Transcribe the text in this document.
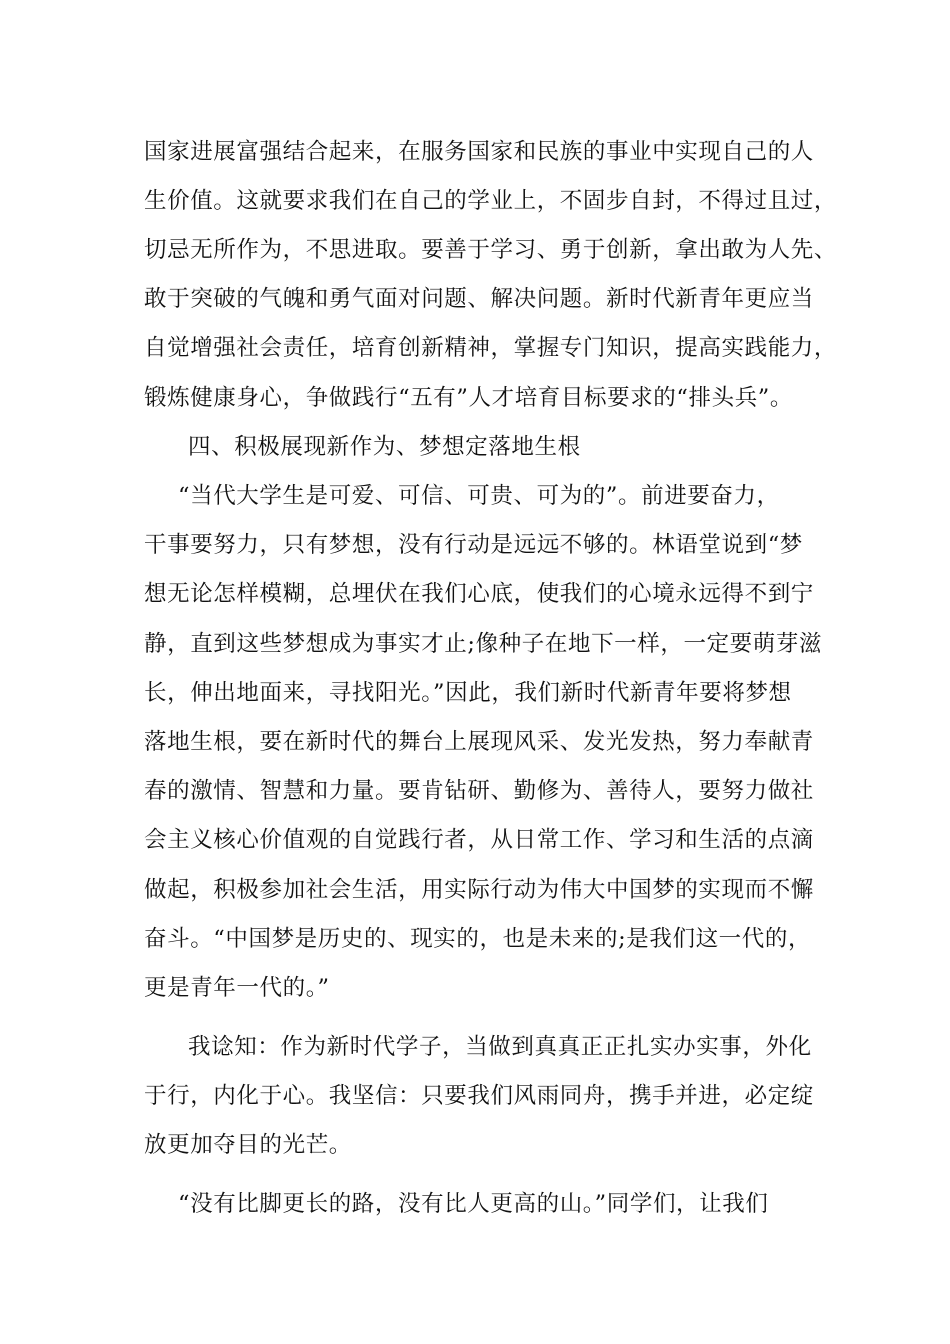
国家进展富强结合起来，在服务国家和民族的事业中实现自己的人
生价值。这就要求我们在自己的学业上，不固步自封，不得过且过，
切忌无所作为，不思进取。要善于学习、勇于创新，拿出敢为人先、
敢于突破的气魄和勇气面对问题、解决问题。新时代新青年更应当
自觉增强社会责任，培育创新精神，掌握专门知识，提高实践能力，
锻炼健康身心，争做践行“五有”人才培育目标要求的“排头兵”。
四、积极展现新作为、梦想定落地生根
“当代大学生是可爱、可信、可贵、可为的”。前进要奋力，
干事要努力，只有梦想，没有行动是远远不够的。林语堂说到“梦
想无论怎样模糊，总埋伏在我们心底，使我们的心境永远得不到宁
静，直到这些梦想成为事实才止;像种子在地下一样，一定要萌芽滋
长，伸出地面来，寻找阳光。”因此，我们新时代新青年要将梦想
落地生根，要在新时代的舞台上展现风采、发光发热，努力奉献青
春的激情、智慧和力量。要肯钻研、勤修为、善待人，要努力做社
会主义核心价值观的自觉践行者，从日常工作、学习和生活的点滴
做起，积极参加社会生活，用实际行动为伟大中国梦的实现而不懈
奋斗。“中国梦是历史的、现实的，也是未来的;是我们这一代的，
更是青年一代的。”
我谂知：作为新时代学子，当做到真真正正扎实办实事，外化
于行，内化于心。我坚信：只要我们风雨同舟，携手并进，必定绽
放更加夺目的光芒。
“没有比脚更长的路，没有比人更高的山。”同学们，让我们
